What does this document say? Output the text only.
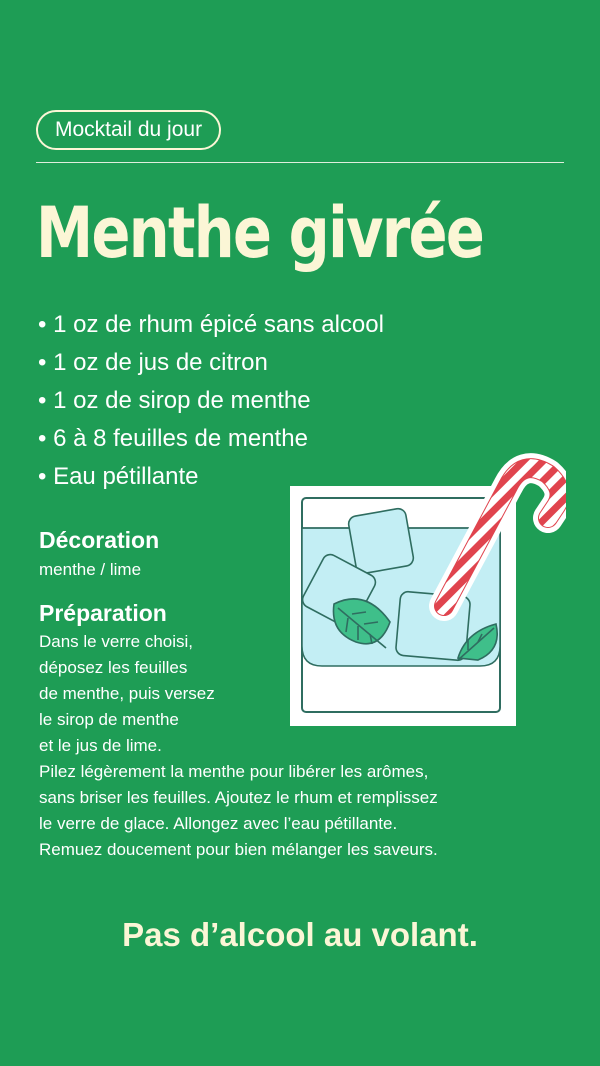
Mocktail du jour
Menthe givrée
• 1 oz de rhum épicé sans alcool
• 1 oz de jus de citron
• 1 oz de sirop de menthe
• 6 à 8 feuilles de menthe
• Eau pétillante
Décoration
menthe / lime
Préparation
Dans le verre choisi,
déposez les feuilles
de menthe, puis versez
le sirop de menthe
et le jus de lime.
Pilez légèrement la menthe pour libérer les arômes,
sans briser les feuilles. Ajoutez le rhum et remplissez
le verre de glace. Allongez avec l’eau pétillante.
Remuez doucement pour bien mélanger les saveurs.

Pas d’alcool au volant.
